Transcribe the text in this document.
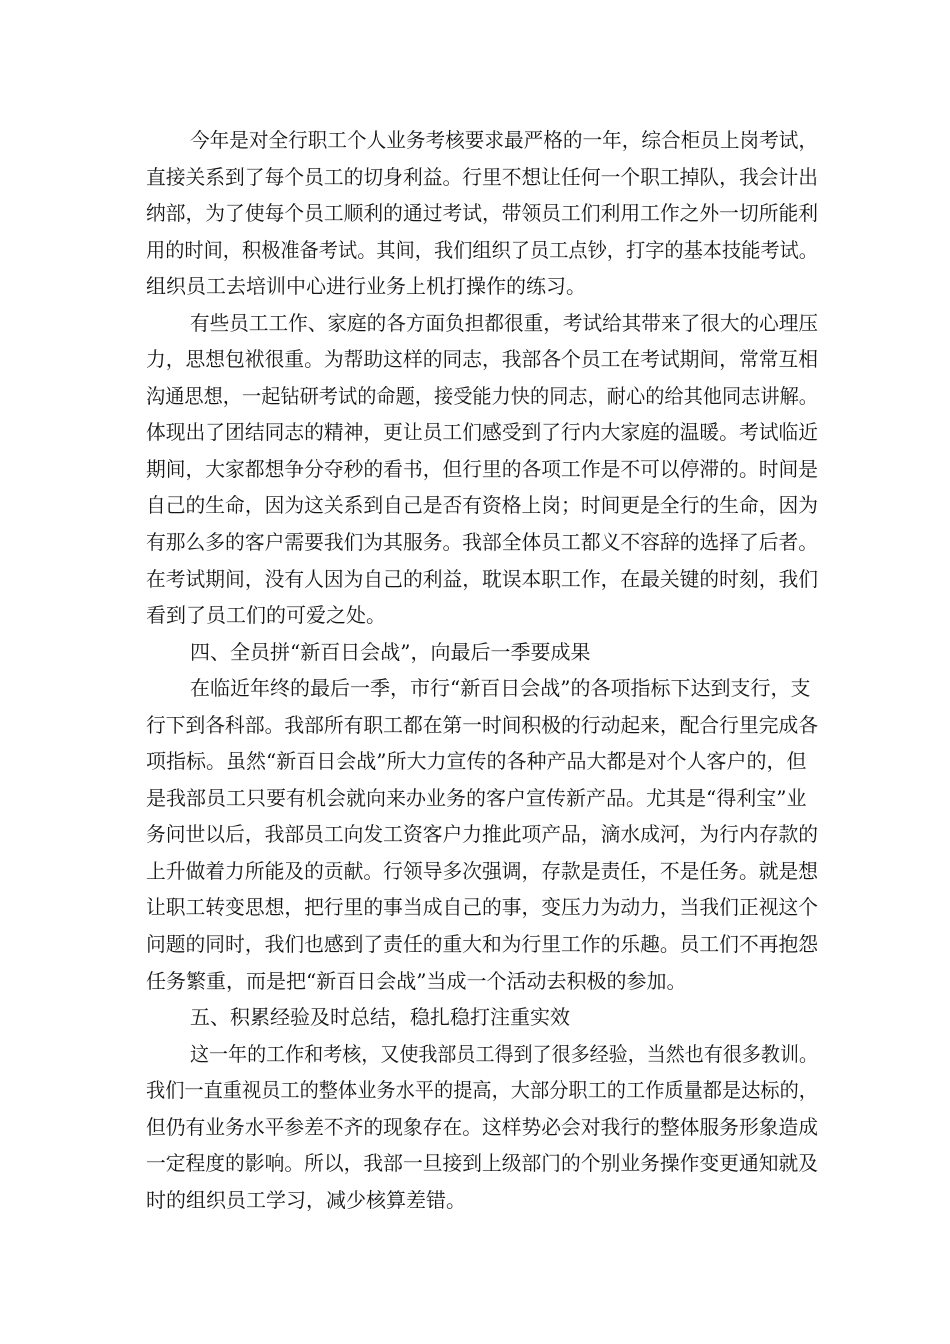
今年是对全行职工个人业务考核要求最严格的一年，综合柜员上岗考试，
直接关系到了每个员工的切身利益。行里不想让任何一个职工掉队，我会计出
纳部，为了使每个员工顺利的通过考试，带领员工们利用工作之外一切所能利
用的时间，积极准备考试。其间，我们组织了员工点钞，打字的基本技能考试。
组织员工去培训中心进行业务上机打操作的练习。
有些员工工作、家庭的各方面负担都很重，考试给其带来了很大的心理压
力，思想包袱很重。为帮助这样的同志，我部各个员工在考试期间，常常互相
沟通思想，一起钻研考试的命题，接受能力快的同志，耐心的给其他同志讲解。
体现出了团结同志的精神，更让员工们感受到了行内大家庭的温暖。考试临近
期间，大家都想争分夺秒的看书，但行里的各项工作是不可以停滞的。时间是
自己的生命，因为这关系到自己是否有资格上岗；时间更是全行的生命，因为
有那么多的客户需要我们为其服务。我部全体员工都义不容辞的选择了后者。
在考试期间，没有人因为自己的利益，耽误本职工作，在最关键的时刻，我们
看到了员工们的可爱之处。
四、全员拼“新百日会战”，向最后一季要成果
在临近年终的最后一季，市行“新百日会战”的各项指标下达到支行，支
行下到各科部。我部所有职工都在第一时间积极的行动起来，配合行里完成各
项指标。虽然“新百日会战”所大力宣传的各种产品大都是对个人客户的，但
是我部员工只要有机会就向来办业务的客户宣传新产品。尤其是“得利宝”业
务问世以后，我部员工向发工资客户力推此项产品，滴水成河，为行内存款的
上升做着力所能及的贡献。行领导多次强调，存款是责任，不是任务。就是想
让职工转变思想，把行里的事当成自己的事，变压力为动力，当我们正视这个
问题的同时，我们也感到了责任的重大和为行里工作的乐趣。员工们不再抱怨
任务繁重，而是把“新百日会战”当成一个活动去积极的参加。
五、积累经验及时总结，稳扎稳打注重实效
这一年的工作和考核，又使我部员工得到了很多经验，当然也有很多教训。
我们一直重视员工的整体业务水平的提高，大部分职工的工作质量都是达标的，
但仍有业务水平参差不齐的现象存在。这样势必会对我行的整体服务形象造成
一定程度的影响。所以，我部一旦接到上级部门的个别业务操作变更通知就及
时的组织员工学习，减少核算差错。
